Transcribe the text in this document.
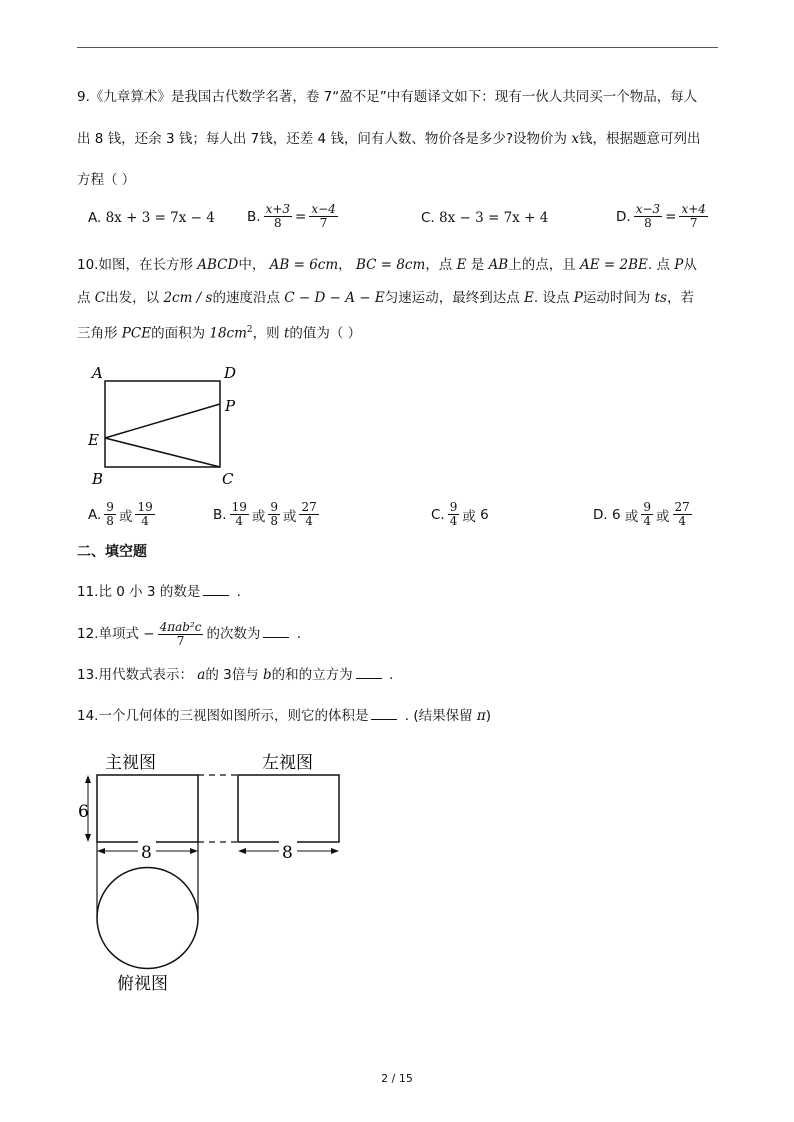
9.《九章算术》是我国古代数学名著，卷 7“盈不足”中有题译文如下：现有一伙人共同买一个物品，每人
出 8 钱，还余 3 钱；每人出 7钱，还差 4 钱，问有人数、物价各是多少?设物价为 x钱，根据题意可列出
方程（ ）
A.
8x + 3 = 7x − 4 B. $\frac{x+3}{8} = \frac{x-4}{7}$	C.
8x − 3 = 7x + 4	D. $\frac{x-3}{8} = \frac{x+4}{7}$
10.如图，在长方形 ABCD中， AB = 6cm， BC = 8cm，点 E 是 AB上的点，且 AE = 2BE. 点 P从
点 C出发，以 2cm / s的速度沿点 C − D − A − E匀速运动，最终到达点 E. 设点 P运动时间为 ts，若
三角形 PCE的面积为 $18cm^2$，则 t的值为（ ）
A	D
P
E
B	C
A. $\frac{9}{8}$ 或 $\frac{19}{4}$	B. $\frac{19}{4}$ 或 $\frac{9}{8}$ 或 $\frac{27}{4}$	C. $\frac{9}{4}$ 或
6	D.
6
或 $\frac{9}{4}$ 或 $\frac{27}{4}$
二、填空题
11.比 0 小 3 的数是 .
12.单项式 − $\frac{\text{4πab²c}}{7}$ 的次数为 .
13.用代数式表示： a的 3倍与 b的和的立方为 .
14.一个几何体的三视图如图所示，则它的体积是 . (结果保留 π)
主视图	左视图
6
8	8
俯视图
2 / 15
